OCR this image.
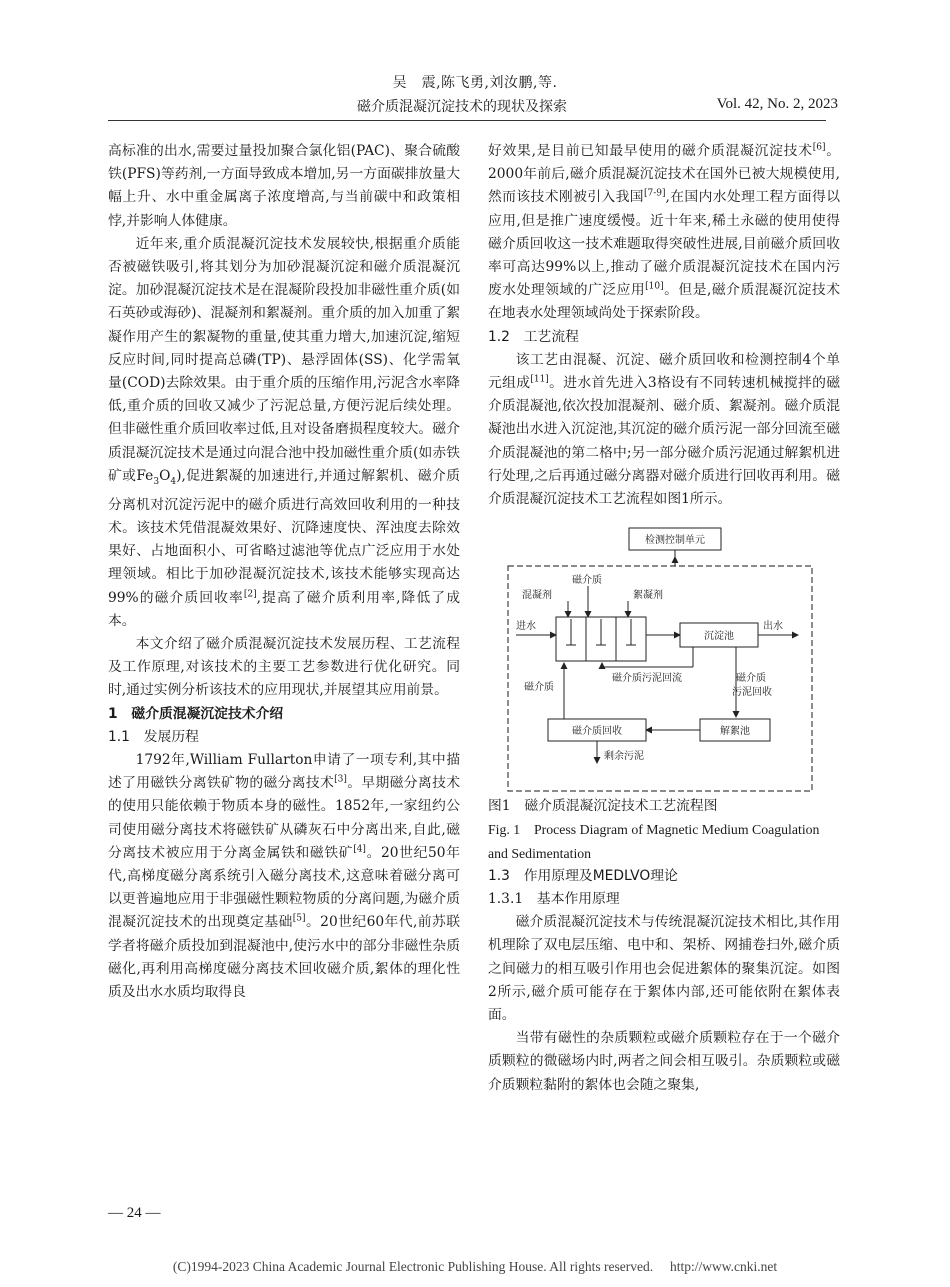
吴　震,陈飞勇,刘汝鹏,等.
磁介质混凝沉淀技术的现状及探索	Vol. 42, No. 2, 2023

高标准的出水,需要过量投加聚合氯化铝(PAC)、聚合硫酸铁(PFS)等药剂,一方面导致成本增加,另一方面碳排放量大幅上升、水中重金属离子浓度增高,与当前碳中和政策相悖,并影响人体健康。

近年来,重介质混凝沉淀技术发展较快,根据重介质能否被磁铁吸引,将其划分为加砂混凝沉淀和磁介质混凝沉淀。加砂混凝沉淀技术是在混凝阶段投加非磁性重介质(如石英砂或海砂)、混凝剂和絮凝剂。重介质的加入加重了絮凝作用产生的絮凝物的重量,使其重力增大,加速沉淀,缩短反应时间,同时提高总磷(TP)、悬浮固体(SS)、化学需氧量(COD)去除效果。由于重介质的压缩作用,污泥含水率降低,重介质的回收又减少了污泥总量,方便污泥后续处理。但非磁性重介质回收率过低,且对设备磨损程度较大。磁介质混凝沉淀技术是通过向混合池中投加磁性重介质(如赤铁矿或$Fe_3O_4$),促进絮凝的加速进行,并通过解絮机、磁介质分离机对沉淀污泥中的磁介质进行高效回收利用的一种技术。该技术凭借混凝效果好、沉降速度快、浑浊度去除效果好、占地面积小、可省略过滤池等优点广泛应用于水处理领域。相比于加砂混凝沉淀技术,该技术能够实现高达99%的磁介质回收率[2],提高了磁介质利用率,降低了成本。

本文介绍了磁介质混凝沉淀技术发展历程、工艺流程及工作原理,对该技术的主要工艺参数进行优化研究。同时,通过实例分析该技术的应用现状,并展望其应用前景。

1　磁介质混凝沉淀技术介绍

1.1　发展历程

1792年,William Fullarton申请了一项专利,其中描述了用磁铁分离铁矿物的磁分离技术[3]。早期磁分离技术的使用只能依赖于物质本身的磁性。1852年,一家纽约公司使用磁分离技术将磁铁矿从磷灰石中分离出来,自此,磁分离技术被应用于分离金属铁和磁铁矿[4]。20世纪50年代,高梯度磁分离系统引入磁分离技术,这意味着磁分离可以更普遍地应用于非强磁性颗粒物质的分离问题,为磁介质混凝沉淀技术的出现奠定基础[5]。20世纪60年代,前苏联学者将磁介质投加到混凝池中,使污水中的部分非磁性杂质磁化,再利用高梯度磁分离技术回收磁介质,絮体的理化性质及出水水质均取得良

好效果,是目前已知最早使用的磁介质混凝沉淀技术[6]。2000年前后,磁介质混凝沉淀技术在国外已被大规模使用,然而该技术刚被引入我国[7-9],在国内水处理工程方面得以应用,但是推广速度缓慢。近十年来,稀土永磁的使用使得磁介质回收这一技术难题取得突破性进展,目前磁介质回收率可高达99%以上,推动了磁介质混凝沉淀技术在国内污废水处理领域的广泛应用[10]。但是,磁介质混凝沉淀技术在地表水处理领域尚处于探索阶段。

1.2　工艺流程

该工艺由混凝、沉淀、磁介质回收和检测控制4个单元组成[11]。进水首先进入3格设有不同转速机械搅拌的磁介质混凝池,依次投加混凝剂、磁介质、絮凝剂。磁介质混凝池出水进入沉淀池,其沉淀的磁介质污泥一部分回流至磁介质混凝池的第二格中;另一部分磁介质污泥通过解絮机进行处理,之后再通过磁分离器对磁介质进行回收再利用。磁介质混凝沉淀技术工艺流程如图1所示。

检测控制单元
混凝剂
磁介质
絮凝剂
进水
沉淀池
出水
磁介质污泥回流	磁介质
污泥回收
解絮池
磁介质回收
磁介质
剩余污泥

图1　磁介质混凝沉淀技术工艺流程图

Fig. 1　Process Diagram of Magnetic Medium Coagulation

and Sedimentation

1.3　作用原理及MEDLVO理论

1.3.1　基本作用原理

磁介质混凝沉淀技术与传统混凝沉淀技术相比,其作用机理除了双电层压缩、电中和、架桥、网捕卷扫外,磁介质之间磁力的相互吸引作用也会促进絮体的聚集沉淀。如图2所示,磁介质可能存在于絮体内部,还可能依附在絮体表面。

当带有磁性的杂质颗粒或磁介质颗粒存在于一个磁介质颗粒的微磁场内时,两者之间会相互吸引。杂质颗粒或磁介质颗粒黏附的絮体也会随之聚集,

— 24 —
(C)1994-2023 China Academic Journal Electronic Publishing House. All rights reserved.　 http://www.cnki.net
